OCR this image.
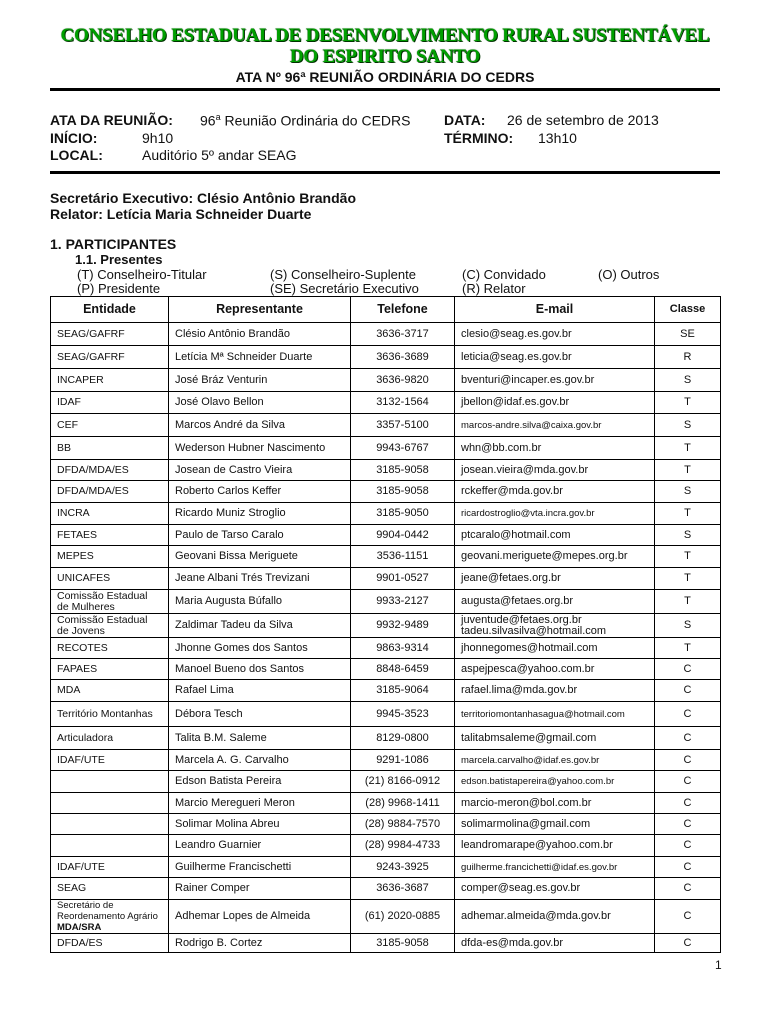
CONSELHO ESTADUAL DE DESENVOLVIMENTO RURAL SUSTENTÁVEL
DO ESPIRITO SANTO
ATA Nº 96ª REUNIÃO ORDINÁRIA DO CEDRS
ATA DA REUNIÃO: 96$^a$ Reunião Ordinária do CEDRS
INÍCIO:	9h10
LOCAL:	Auditório 5º andar SEAG
DATA: 26 de setembro de 2013
TÉRMINO: 13h10
Secretário Executivo: Clésio Antônio Brandão
Relator: Letícia Maria Schneider Duarte
1. PARTICIPANTES
1.1. Presentes
(T) Conselheiro-Titular
(P) Presidente
(S) Conselheiro-Suplente
(SE) Secretário Executivo
(C) Convidado
(R) Relator
(O) Outros
Entidade	Representante	Telefone	E-mail	Classe
SEAG/GAFRF	Clésio Antônio Brandão	3636-3717	clesio@seag.es.gov.br	SE
SEAG/GAFRF	Letícia Mª Schneider Duarte	3636-3689	leticia@seag.es.gov.br	R
INCAPER	José Bráz Venturin	3636-9820	bventuri@incaper.es.gov.br	S
IDAF	José Olavo Bellon	3132-1564	jbellon@idaf.es.gov.br	T
CEF	Marcos André da Silva	3357-5100	marcos-andre.silva@caixa.gov.br	S
BB	Wederson Hubner Nascimento	9943-6767	whn@bb.com.br	T
DFDA/MDA/ES	Josean de Castro Vieira	3185-9058	josean.vieira@mda.gov.br	T
DFDA/MDA/ES	Roberto Carlos Keffer	3185-9058	rckeffer@mda.gov.br	S
INCRA	Ricardo Muniz Stroglio	3185-9050	ricardostroglio@vta.incra.gov.br	T
FETAES	Paulo de Tarso Caralo	9904-0442	ptcaralo@hotmail.com	S
MEPES	Geovani Bissa Meriguete	3536-1151	geovani.meriguete@mepes.org.br	T
UNICAFES	Jeane Albani Trés Trevizani	9901-0527	jeane@fetaes.org.br	T
Comissão Estadual de Mulheres	Maria Augusta Búfallo	9933-2127	augusta@fetaes.org.br	T
Comissão Estadual de Jovens	Zaldimar Tadeu da Silva	9932-9489	juventude@fetaes.org.br
tadeu.silvasilva@hotmail.com	S
RECOTES	Jhonne Gomes dos Santos	9863-9314	jhonnegomes@hotmail.com	T
FAPAES	Manoel Bueno dos Santos	8848-6459	aspejpesca@yahoo.com.br	C
MDA	Rafael Lima	3185-9064	rafael.lima@mda.gov.br	C
Território Montanhas	Débora Tesch	9945-3523	territoriomontanhasagua@hotmail.com	C
Articuladora	Talita B.M. Saleme	8129-0800	talitabmsaleme@gmail.com	C
IDAF/UTE	Marcela A. G. Carvalho	9291-1086	marcela.carvalho@idaf.es.gov.br	C
	Edson Batista Pereira	(21) 8166-0912	edson.batistapereira@yahoo.com.br	C
	Marcio Meregueri Meron	(28) 9968-1411	marcio-meron@bol.com.br	C
	Solimar Molina Abreu	(28) 9884-7570	solimarmolina@gmail.com	C
	Leandro Guarnier	(28) 9984-4733	leandromarape@yahoo.com.br	C
IDAF/UTE	Guilherme Francischetti	9243-3925	guilherme.francichetti@idaf.es.gov.br	C
SEAG	Rainer Comper	3636-3687	comper@seag.es.gov.br	C
Secretário de Reordenamento Agrário MDA/SRA	Adhemar Lopes de Almeida	(61) 2020-0885	adhemar.almeida@mda.gov.br	C
DFDA/ES	Rodrigo B. Cortez	3185-9058	dfda-es@mda.gov.br	C
1
